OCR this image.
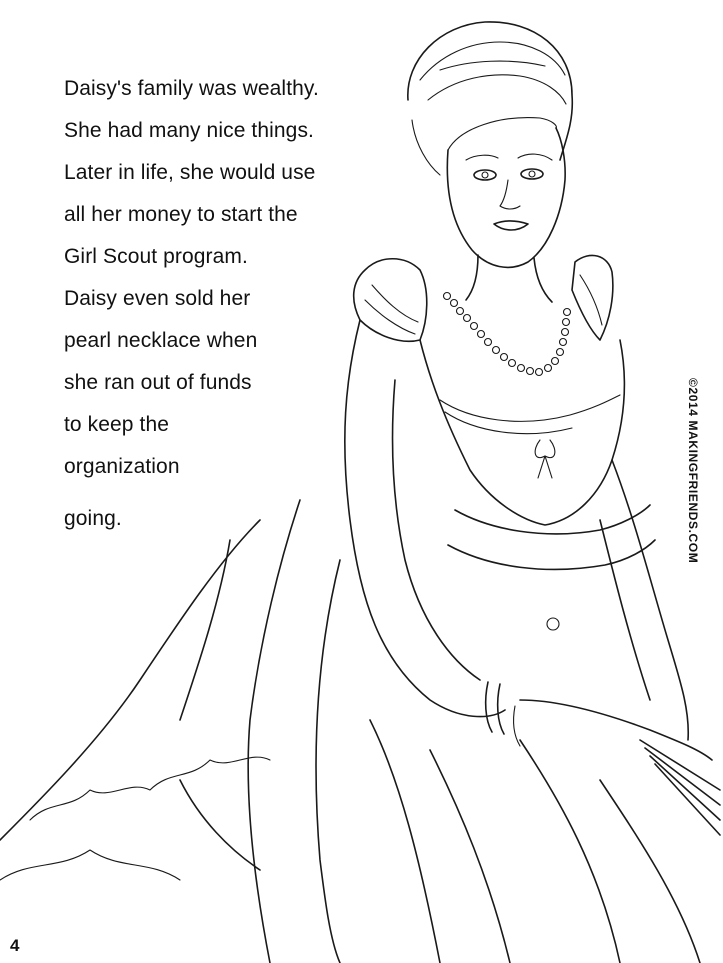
Daisy's family was wealthy.
She had many nice things.
Later in life, she would use
all her money to start the
Girl Scout program.
Daisy even sold her
pearl necklace when
she ran out of funds
to keep the
organization
going.	©2014 MAKINGFRIENDS.COM
4
